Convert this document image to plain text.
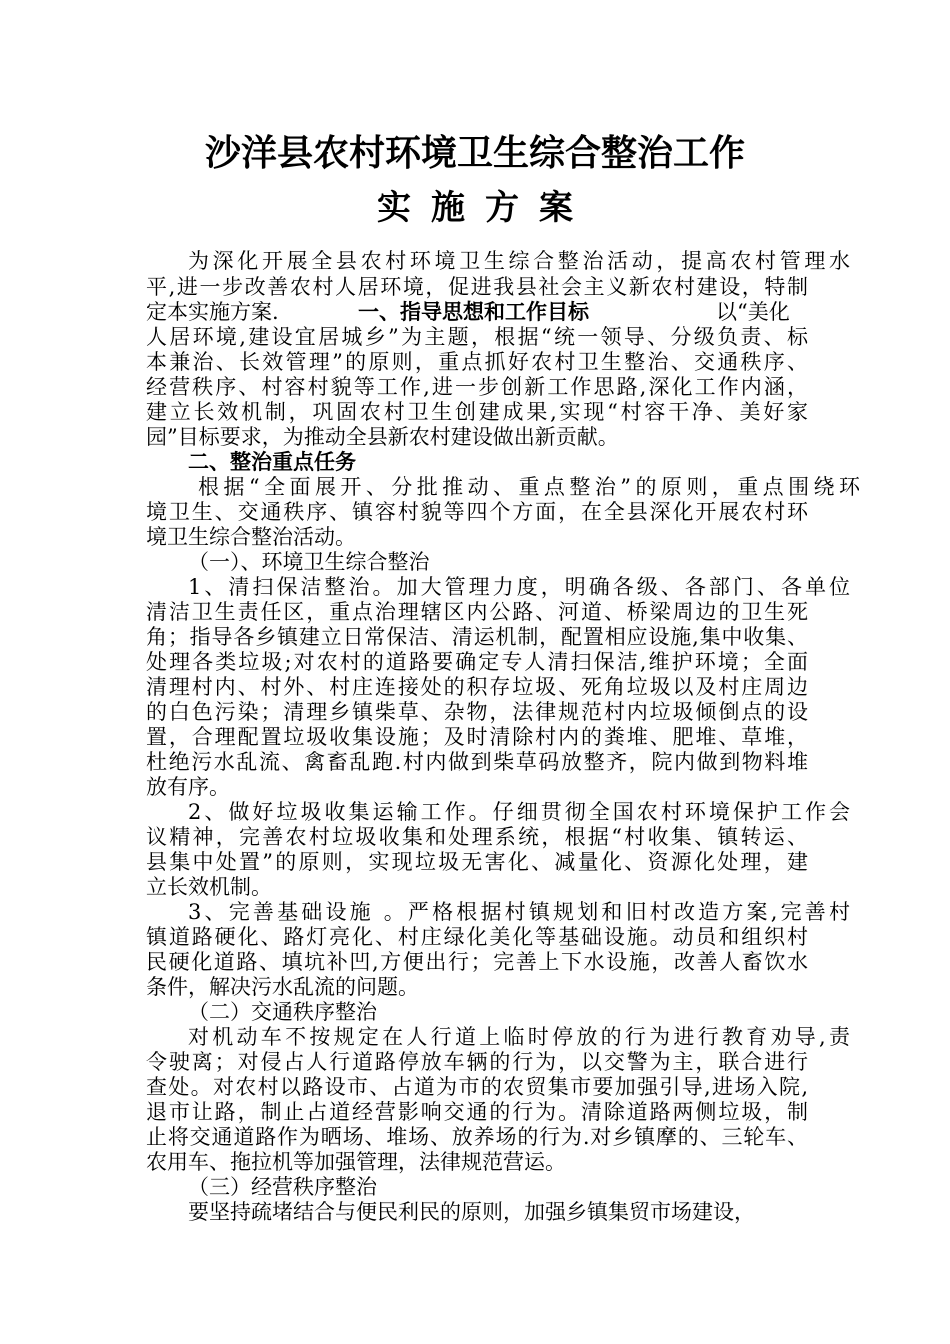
沙洋县农村环境卫生综合整治工作
实施方案
为深化开展全县农村环境卫生综合整治活动，提高农村管理水
平,进一步改善农村人居环境，促进我县社会主义新农村建设，特制
定本实施方案.	一、指导思想和工作目标	以“美化
人居环境,建设宜居城乡”为主题，根据“统一领导、分级负责、标
本兼治、长效管理”的原则，重点抓好农村卫生整治、交通秩序、
经营秩序、村容村貌等工作,进一步创新工作思路,深化工作内涵，
建立长效机制，巩固农村卫生创建成果,实现“村容干净、美好家
园”目标要求，为推动全县新农村建设做出新贡献。
二、整治重点任务
根据“全面展开、分批推动、重点整治”的原则，重点围绕环
境卫生、交通秩序、镇容村貌等四个方面，在全县深化开展农村环
境卫生综合整治活动。
（一）、环境卫生综合整治
1、清扫保洁整治。加大管理力度，明确各级、各部门、各单位
清洁卫生责任区，重点治理辖区内公路、河道、桥梁周边的卫生死
角；指导各乡镇建立日常保洁、清运机制，配置相应设施,集中收集、
处理各类垃圾;对农村的道路要确定专人清扫保洁,维护环境；全面
清理村内、村外、村庄连接处的积存垃圾、死角垃圾以及村庄周边
的白色污染；清理乡镇柴草、杂物，法律规范村内垃圾倾倒点的设
置，合理配置垃圾收集设施；及时清除村内的粪堆、肥堆、草堆，
杜绝污水乱流、禽畜乱跑.村内做到柴草码放整齐，院内做到物料堆
放有序。
2、做好垃圾收集运输工作。仔细贯彻全国农村环境保护工作会
议精神，完善农村垃圾收集和处理系统，根据“村收集、镇转运、
县集中处置”的原则，实现垃圾无害化、减量化、资源化处理，建
立长效机制。
3、完善基础设施 。严格根据村镇规划和旧村改造方案,完善村
镇道路硬化、路灯亮化、村庄绿化美化等基础设施。动员和组织村
民硬化道路、填坑补凹,方便出行；完善上下水设施，改善人畜饮水
条件，解决污水乱流的问题。
（二）交通秩序整治
对机动车不按规定在人行道上临时停放的行为进行教育劝导,责
令驶离；对侵占人行道路停放车辆的行为，以交警为主，联合进行
查处。对农村以路设市、占道为市的农贸集市要加强引导,进场入院,
退市让路，制止占道经营影响交通的行为。清除道路两侧垃圾，制
止将交通道路作为晒场、堆场、放养场的行为.对乡镇摩的、三轮车、
农用车、拖拉机等加强管理，法律规范营运。
（三）经营秩序整治
要坚持疏堵结合与便民利民的原则，加强乡镇集贸市场建设，
